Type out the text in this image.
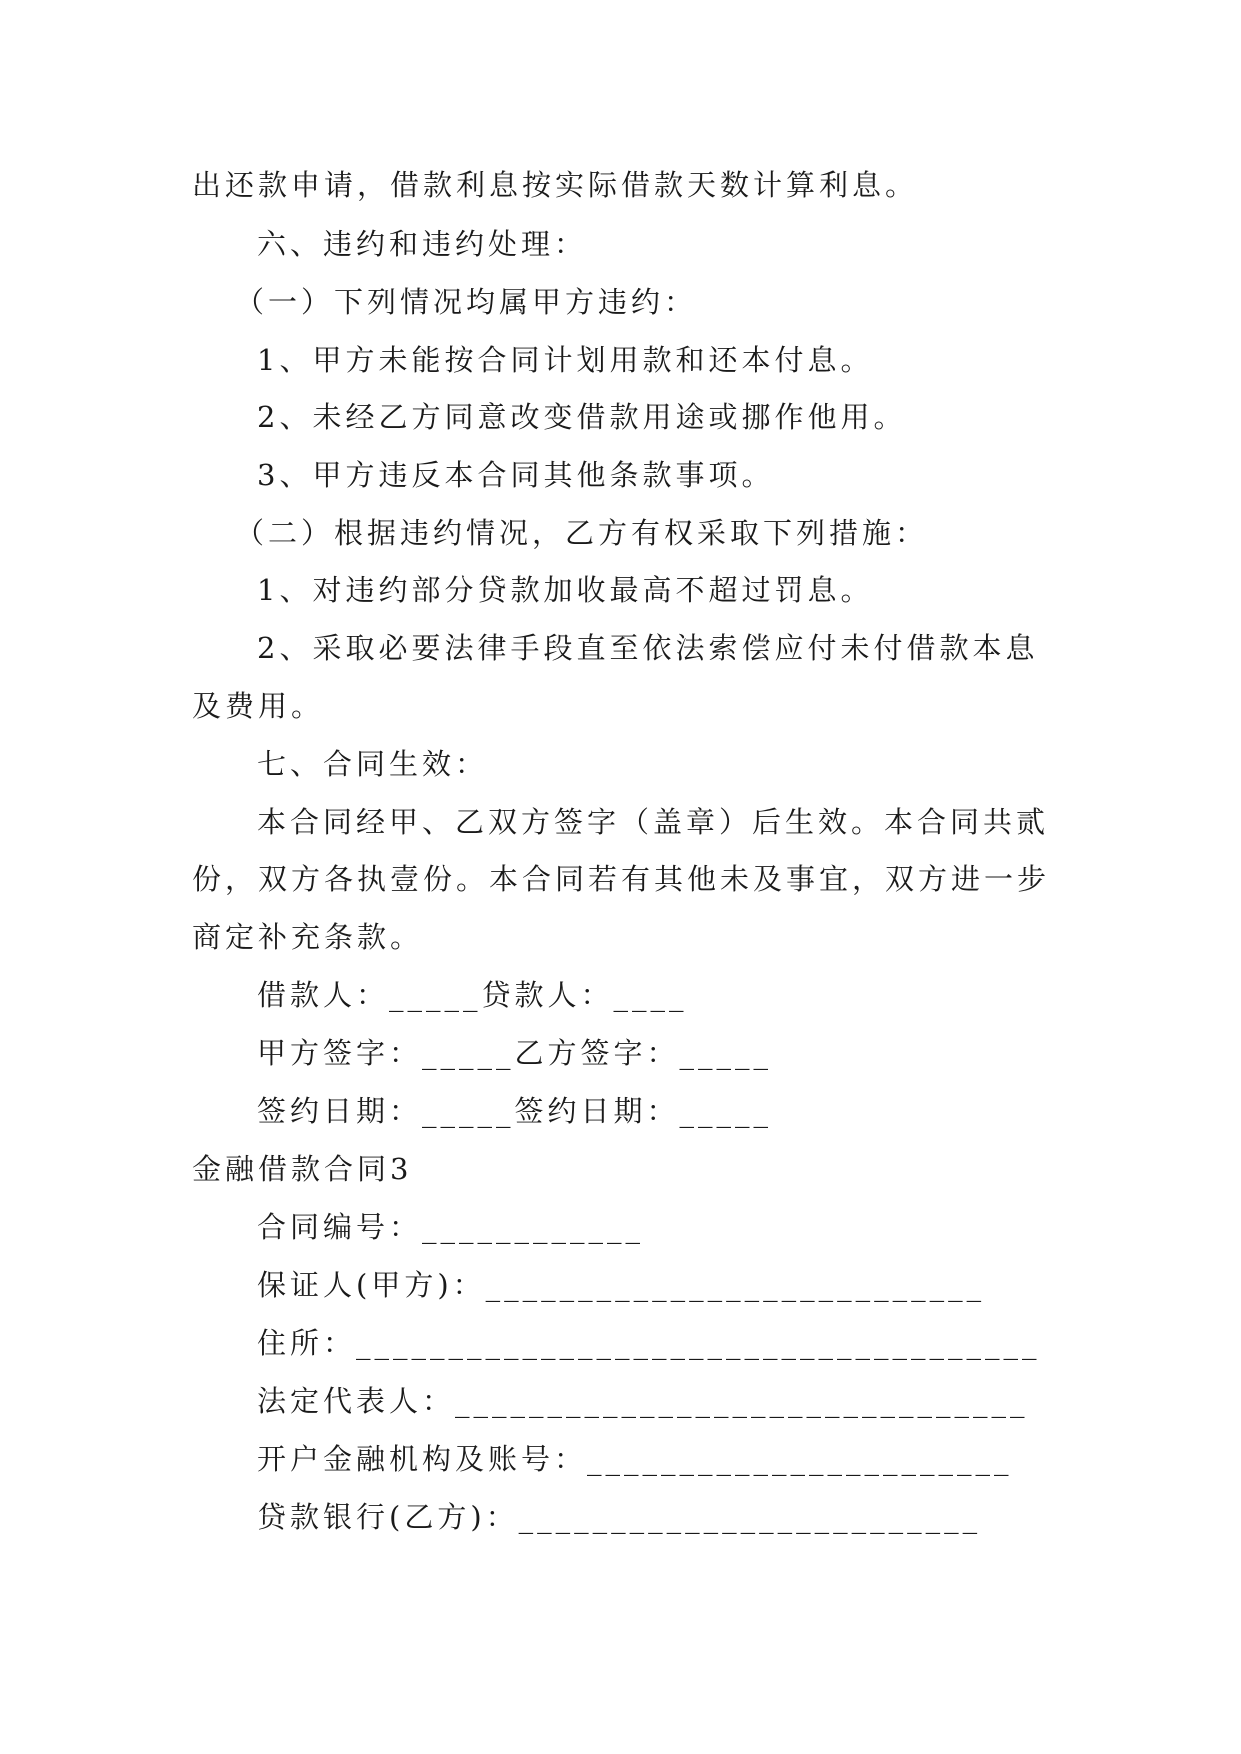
出还款申请，借款利息按实际借款天数计算利息。
六、违约和违约处理：
（一）下列情况均属甲方违约：
1、甲方未能按合同计划用款和还本付息。
2、未经乙方同意改变借款用途或挪作他用。
3、甲方违反本合同其他条款事项。
（二）根据违约情况，乙方有权采取下列措施：
1、对违约部分贷款加收最高不超过罚息。
2、采取必要法律手段直至依法索偿应付未付借款本息
及费用。
七、合同生效：
本合同经甲、乙双方签字（盖章）后生效。本合同共贰
份，双方各执壹份。本合同若有其他未及事宜，双方进一步
商定补充条款。
借款人：_____贷款人：____
甲方签字：_____乙方签字：_____
签约日期：_____签约日期：_____
金融借款合同3
合同编号：____________
保证人(甲方)：___________________________
住所：_____________________________________
法定代表人：_______________________________
开户金融机构及账号：_______________________
贷款银行(乙方)：_________________________
